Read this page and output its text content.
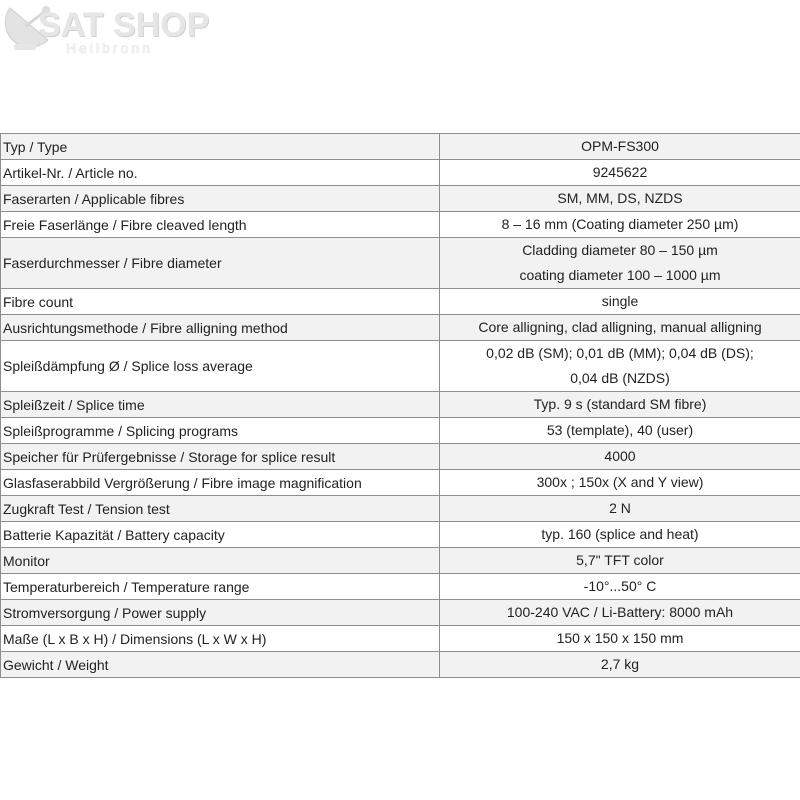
SAT SHOP
Heilbronn
Typ / Type	OPM-FS300

Artikel-Nr. / Article no.	9245622

Faserarten / Applicable fibres	SM, MM, DS, NZDS

Freie Faserlänge / Fibre cleaved length	8 – 16 mm (Coating diameter 250 µm)

Faserdurchmesser / Fibre diameter	Cladding diameter 80 – 150 µm
coating diameter 100 – 1000 µm

Fibre count	single

Ausrichtungsmethode / Fibre alligning method	Core alligning, clad alligning, manual alligning

Spleißdämpfung Ø / Splice loss average	0,02 dB (SM); 0,01 dB (MM); 0,04 dB (DS);
0,04 dB (NZDS)

Spleißzeit / Splice time	Typ. 9 s (standard SM fibre)

Spleißprogramme / Splicing programs	53 (template), 40 (user)

Speicher für Prüfergebnisse / Storage for splice result	4000

Glasfaserabbild Vergrößerung / Fibre image magnification	300x ; 150x (X and Y view)

Zugkraft Test / Tension test	2 N

Batterie Kapazität / Battery capacity	typ. 160 (splice and heat)

Monitor	5,7" TFT color

Temperaturbereich / Temperature range	-10°...50° C

Stromversorgung / Power supply	100-240 VAC / Li-Battery: 8000 mAh

Maße (L x B x H) / Dimensions (L x W x H)	150 x 150 x 150 mm

Gewicht / Weight	2,7 kg
